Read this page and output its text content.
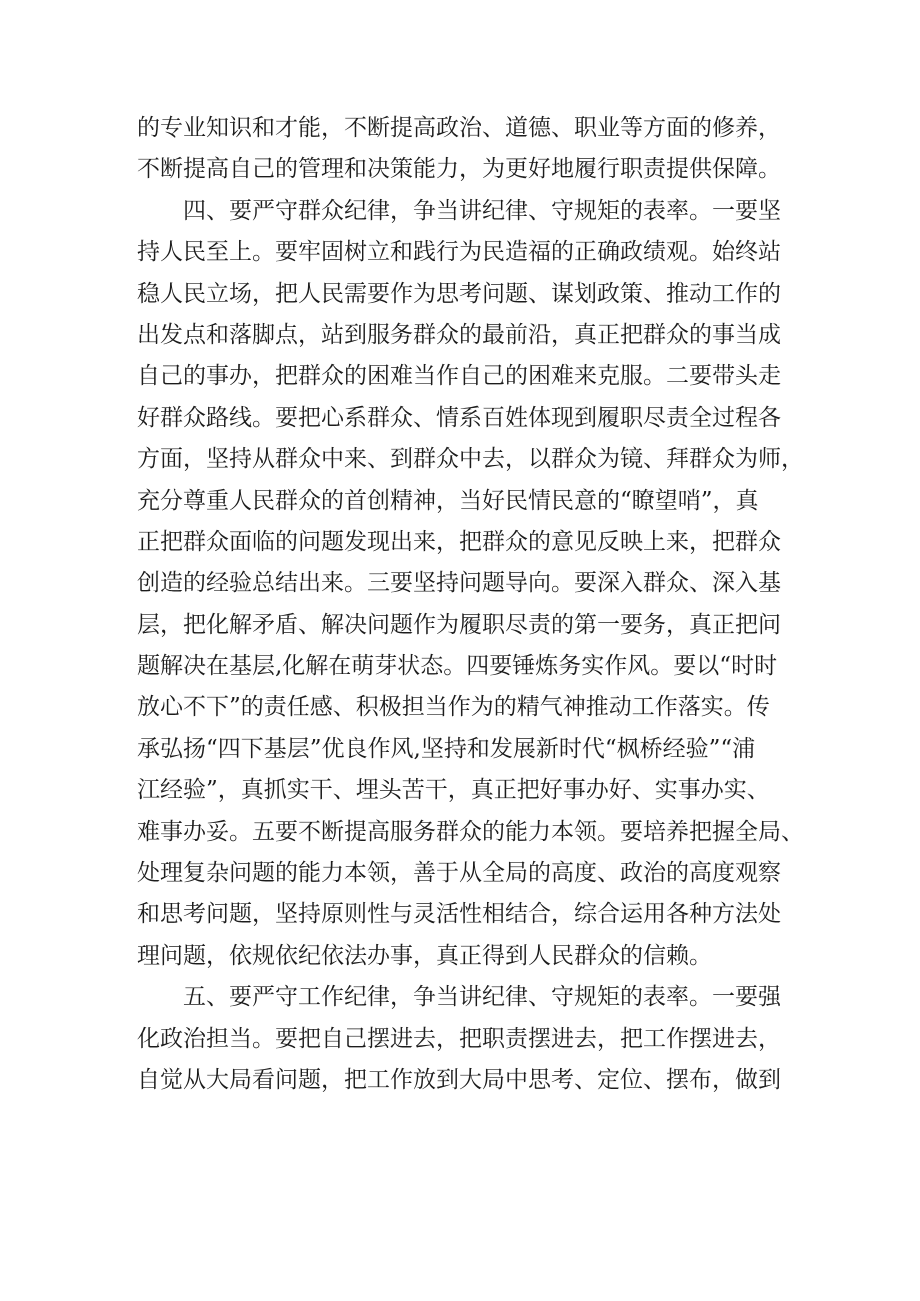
的专业知识和才能，不断提高政治、道德、职业等方面的修养，
不断提高自己的管理和决策能力，为更好地履行职责提供保障。
　　四、要严守群众纪律，争当讲纪律、守规矩的表率。一要坚
持人民至上。要牢固树立和践行为民造福的正确政绩观。始终站
稳人民立场，把人民需要作为思考问题、谋划政策、推动工作的
出发点和落脚点，站到服务群众的最前沿，真正把群众的事当成
自己的事办，把群众的困难当作自己的困难来克服。二要带头走
好群众路线。要把心系群众、情系百姓体现到履职尽责全过程各
方面，坚持从群众中来、到群众中去，以群众为镜、拜群众为师，
充分尊重人民群众的首创精神，当好民情民意的“瞭望哨”，真
正把群众面临的问题发现出来，把群众的意见反映上来，把群众
创造的经验总结出来。三要坚持问题导向。要深入群众、深入基
层，把化解矛盾、解决问题作为履职尽责的第一要务，真正把问
题解决在基层,化解在萌芽状态。四要锤炼务实作风。要以“时时
放心不下”的责任感、积极担当作为的精气神推动工作落实。传
承弘扬“四下基层”优良作风,坚持和发展新时代“枫桥经验”“浦
江经验”，真抓实干、埋头苦干，真正把好事办好、实事办实、
难事办妥。五要不断提高服务群众的能力本领。要培养把握全局、
处理复杂问题的能力本领，善于从全局的高度、政治的高度观察
和思考问题，坚持原则性与灵活性相结合，综合运用各种方法处
理问题，依规依纪依法办事，真正得到人民群众的信赖。
　　五、要严守工作纪律，争当讲纪律、守规矩的表率。一要强
化政治担当。要把自己摆进去，把职责摆进去，把工作摆进去，
自觉从大局看问题，把工作放到大局中思考、定位、摆布，做到
